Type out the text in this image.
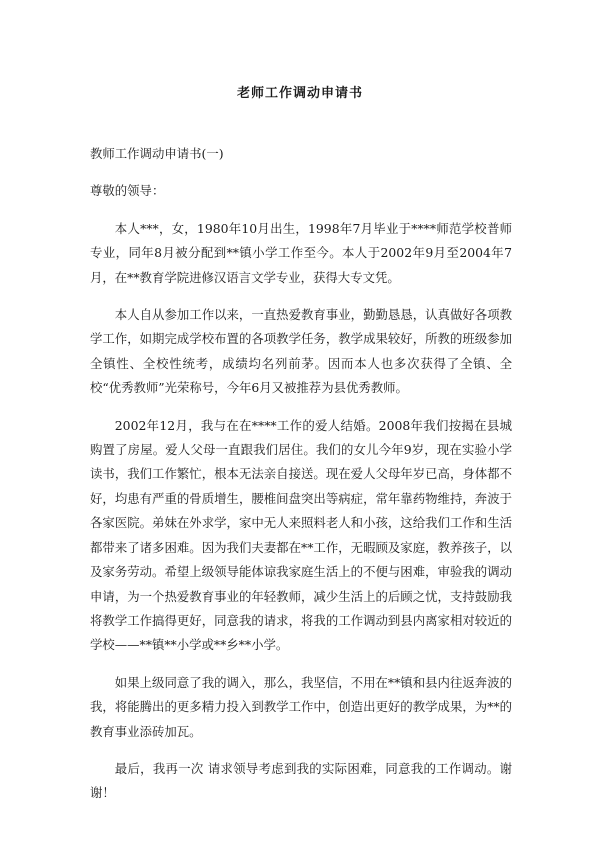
老师工作调动申请书

教师工作调动申请书(一)

尊敬的领导：

本人***，女，1980年10月出生，1998年7月毕业于****师范学校普师专业，同年8月被分配到**镇小学工作至今。本人于2002年9月至2004年7月，在**教育学院进修汉语言文学专业，获得大专文凭。

本人自从参加工作以来，一直热爱教育事业，勤勤恳恳，认真做好各项教学工作，如期完成学校布置的各项教学任务，教学成果较好，所教的班级参加全镇性、全校性统考，成绩均名列前茅。因而本人也多次获得了全镇、全校“优秀教师”光荣称号，今年6月又被推荐为县优秀教师。

2002年12月，我与在在****工作的爱人结婚。2008年我们按揭在县城购置了房屋。爱人父母一直跟我们居住。我们的女儿今年9岁，现在实验小学读书，我们工作繁忙，根本无法亲自接送。现在爱人父母年岁已高，身体都不好，均患有严重的骨质增生，腰椎间盘突出等病症，常年靠药物维持，奔波于各家医院。弟妹在外求学，家中无人来照料老人和小孩，这给我们工作和生活都带来了诸多困难。因为我们夫妻都在**工作，无暇顾及家庭，教养孩子，以及家务劳动。希望上级领导能体谅我家庭生活上的不便与困难，审验我的调动申请，为一个热爱教育事业的年轻教师，减少生活上的后顾之忧，支持鼓励我将教学工作搞得更好，同意我的请求，将我的工作调动到县内离家相对较近的学校——**镇**小学或**乡**小学。

如果上级同意了我的调入，那么，我坚信，不用在**镇和县内往返奔波的我，将能腾出的更多精力投入到教学工作中，创造出更好的教学成果，为**的教育事业添砖加瓦。

最后，我再一次 请求领导考虑到我的实际困难，同意我的工作调动。谢谢！
